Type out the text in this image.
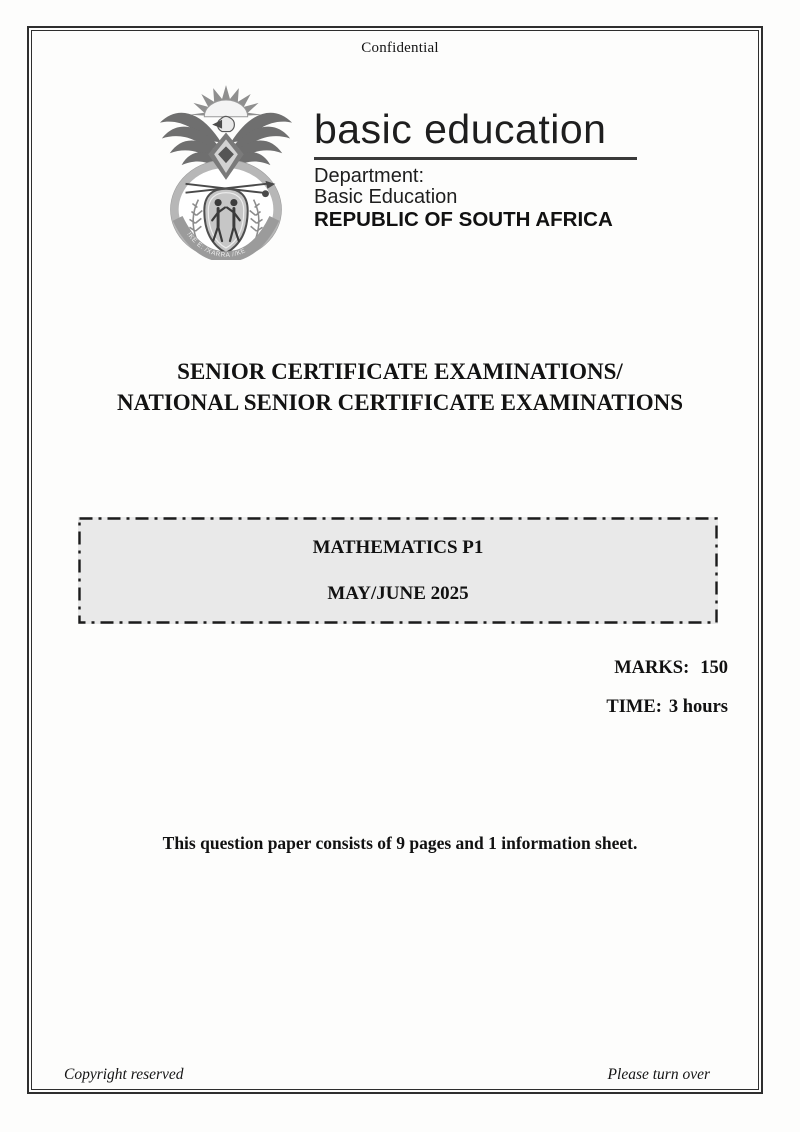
Confidential
!KE E: /XARRA //KE
basic education
Department:
Basic Education
REPUBLIC OF SOUTH AFRICA
SENIOR CERTIFICATE EXAMINATIONS/
NATIONAL SENIOR CERTIFICATE EXAMINATIONS
MATHEMATICS P1
MAY/JUNE 2025
MARKS: 150
TIME: 3 hours
This question paper consists of 9 pages and 1 information sheet.
Copyright reserved	Please turn over
